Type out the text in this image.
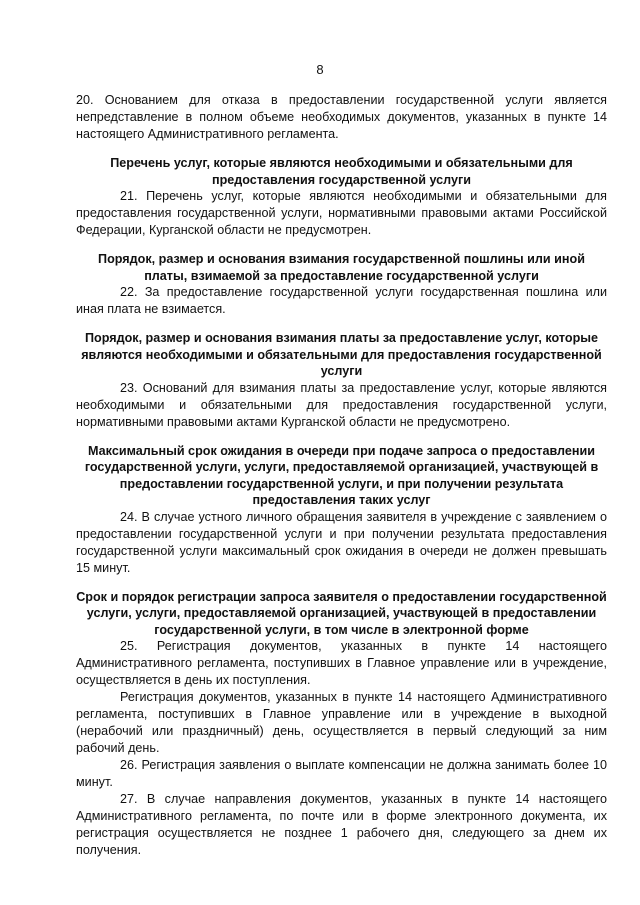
8

20. Основанием для отказа в предоставлении государственной услуги является непредставление в полном объеме необходимых документов, указанных в пункте 14 настоящего Административного регламента.

Перечень услуг, которые являются необходимыми и обязательными для предоставления государственной услуги

21. Перечень услуг, которые являются необходимыми и обязательными для предоставления государственной услуги, нормативными правовыми актами Российской Федерации, Курганской области не предусмотрен.

Порядок, размер и основания взимания государственной пошлины или иной платы, взимаемой за предоставление государственной услуги

22. За предоставление государственной услуги государственная пошлина или иная плата не взимается.

Порядок, размер и основания взимания платы за предоставление услуг, которые являются необходимыми и обязательными для предоставления государственной услуги

23. Оснований для взимания платы за предоставление услуг, которые являются необходимыми и обязательными для предоставления государственной услуги, нормативными правовыми актами Курганской области не предусмотрено.

Максимальный срок ожидания в очереди при подаче запроса о предоставлении государственной услуги, услуги, предоставляемой организацией, участвующей в предоставлении государственной услуги, и при получении результата предоставления таких услуг

24. В случае устного личного обращения заявителя в учреждение с заявлением о предоставлении государственной услуги и при получении результата предоставления государственной услуги максимальный срок ожидания в очереди не должен превышать 15 минут.

Срок и порядок регистрации запроса заявителя о предоставлении государственной услуги, услуги, предоставляемой организацией, участвующей в предоставлении государственной услуги, в том числе в электронной форме

25. Регистрация документов, указанных в пункте 14 настоящего Административного регламента, поступивших в Главное управление или в учреждение, осуществляется в день их поступления.

Регистрация документов, указанных в пункте 14 настоящего Административного регламента, поступивших в Главное управление или в учреждение в выходной (нерабочий или праздничный) день, осуществляется в первый следующий за ним рабочий день.

26. Регистрация заявления о выплате компенсации не должна занимать более 10 минут.

27. В случае направления документов, указанных в пункте 14 настоящего Административного регламента, по почте или в форме электронного документа, их регистрация осуществляется не позднее 1 рабочего дня, следующего за днем их получения.
